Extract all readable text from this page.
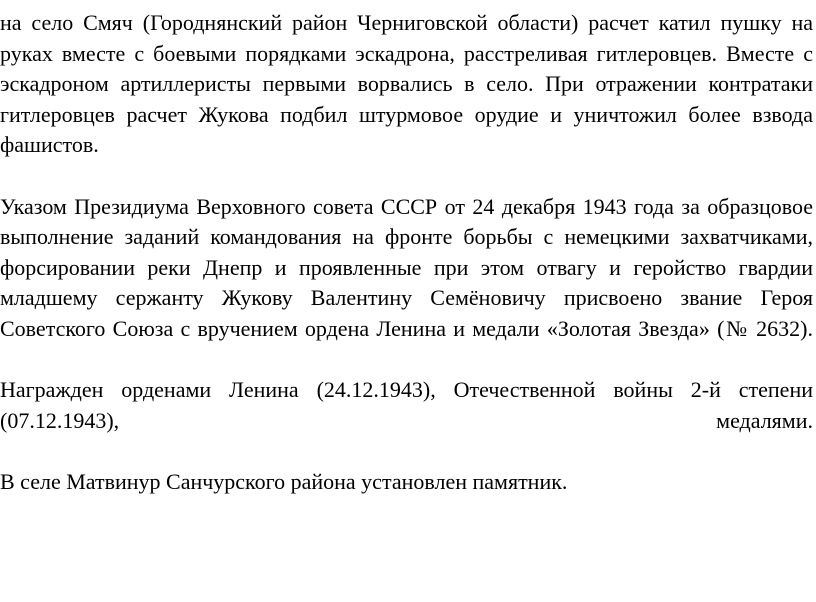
на село Смяч (Городнянский район Черниговской области) расчет катил пушку на руках вместе с боевыми порядками эскадрона, расстреливая гитлеровцев. Вместе с эскадроном артиллеристы первыми ворвались в село. При отражении контратаки гитлеровцев расчет Жукова подбил штурмовое орудие и уничтожил более взвода фашистов.

Указом Президиума Верховного совета СССР от 24 декабря 1943 года за образцовое выполнение заданий командования на фронте борьбы с немецкими захватчиками, форсировании реки Днепр и проявленные при этом отвагу и геройство гвардии младшему сержанту Жукову Валентину Семёновичу присвоено звание Героя Советского Союза с вручением ордена Ленина и медали «Золотая Звезда» (№ 2632).

Награжден орденами Ленина (24.12.1943), Отечественной войны 2-й степени (07.12.1943), медалями.

В селе Матвинур Санчурского района установлен памятник.
